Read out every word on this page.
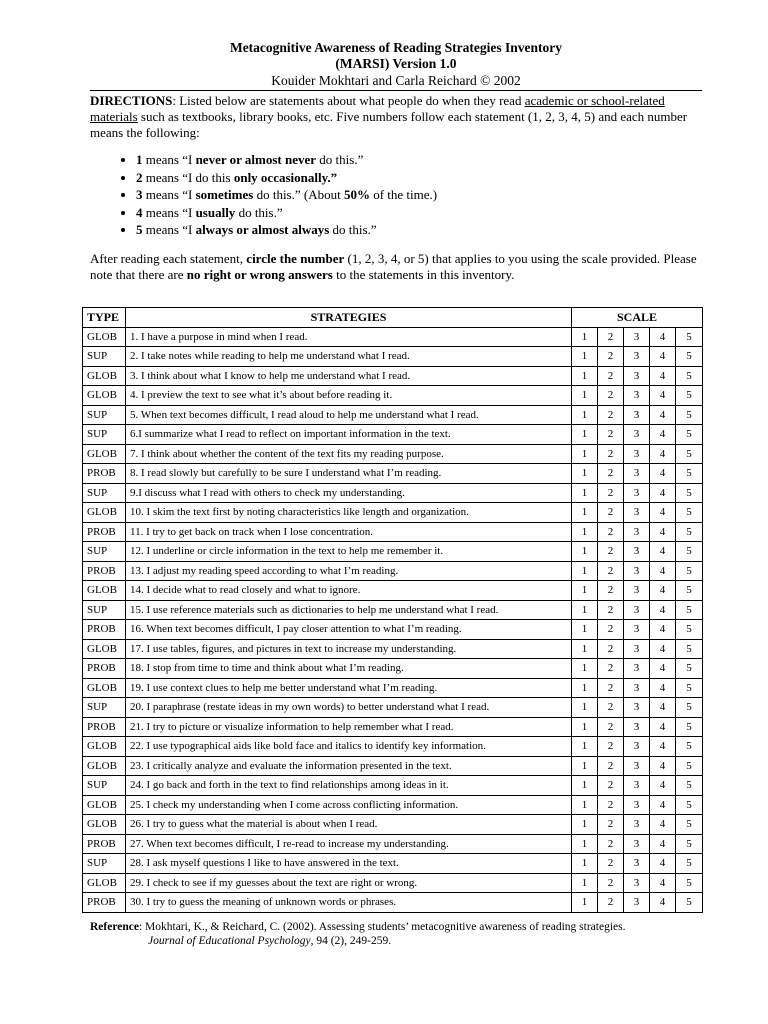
Metacognitive Awareness of Reading Strategies Inventory
(MARSI) Version 1.0
Kouider Mokhtari and Carla Reichard © 2002
DIRECTIONS: Listed below are statements about what people do when they read academic or school-related materials such as textbooks, library books, etc. Five numbers follow each statement (1, 2, 3, 4, 5) and each number means the following:
• 1 means “I never or almost never do this.”
• 2 means “I do this only occasionally.”
• 3 means “I sometimes do this.” (About 50% of the time.)
• 4 means “I usually do this.”
• 5 means “I always or almost always do this.”
After reading each statement, circle the number (1, 2, 3, 4, or 5) that applies to you using the scale provided. Please note that there are no right or wrong answers to the statements in this inventory.
TYPE	STRATEGIES	SCALE				
GLOB	1. I have a purpose in mind when I read.	1	2	3	4	5
SUP	2. I take notes while reading to help me understand what I read.	1	2	3	4	5
GLOB	3. I think about what I know to help me understand what I read.	1	2	3	4	5
GLOB	4. I preview the text to see what it’s about before reading it.	1	2	3	4	5
SUP	5. When text becomes difficult, I read aloud to help me understand what I read.	1	2	3	4	5
SUP	6.I summarize what I read to reflect on important information in the text.	1	2	3	4	5
GLOB	7. I think about whether the content of the text fits my reading purpose.	1	2	3	4	5
PROB	8. I read slowly but carefully to be sure I understand what I’m reading.	1	2	3	4	5
SUP	9.I discuss what I read with others to check my understanding.	1	2	3	4	5
GLOB	10. I skim the text first by noting characteristics like length and organization.	1	2	3	4	5
PROB	11. I try to get back on track when I lose concentration.	1	2	3	4	5
SUP	12. I underline or circle information in the text to help me remember it.	1	2	3	4	5
PROB	13. I adjust my reading speed according to what I’m reading.	1	2	3	4	5
GLOB	14. I decide what to read closely and what to ignore.	1	2	3	4	5
SUP	15. I use reference materials such as dictionaries to help me understand what I read.	1	2	3	4	5
PROB	16. When text becomes difficult, I pay closer attention to what I’m reading.	1	2	3	4	5
GLOB	17. I use tables, figures, and pictures in text to increase my understanding.	1	2	3	4	5
PROB	18. I stop from time to time and think about what I’m reading.	1	2	3	4	5
GLOB	19. I use context clues to help me better understand what I’m reading.	1	2	3	4	5
SUP	20. I paraphrase (restate ideas in my own words) to better understand what I read.	1	2	3	4	5
PROB	21. I try to picture or visualize information to help remember what I read.	1	2	3	4	5
GLOB	22. I use typographical aids like bold face and italics to identify key information.	1	2	3	4	5
GLOB	23. I critically analyze and evaluate the information presented in the text.	1	2	3	4	5
SUP	24. I go back and forth in the text to find relationships among ideas in it.	1	2	3	4	5
GLOB	25. I check my understanding when I come across conflicting information.	1	2	3	4	5
GLOB	26. I try to guess what the material is about when I read.	1	2	3	4	5
PROB	27. When text becomes difficult, I re-read to increase my understanding.	1	2	3	4	5
SUP	28. I ask myself questions I like to have answered in the text.	1	2	3	4	5
GLOB	29. I check to see if my guesses about the text are right or wrong.	1	2	3	4	5
PROB	30. I try to guess the meaning of unknown words or phrases.	1	2	3	4	5
Reference: Mokhtari, K., & Reichard, C. (2002). Assessing students’ metacognitive awareness of reading strategies.
Journal of Educational Psychology, 94 (2), 249-259.
